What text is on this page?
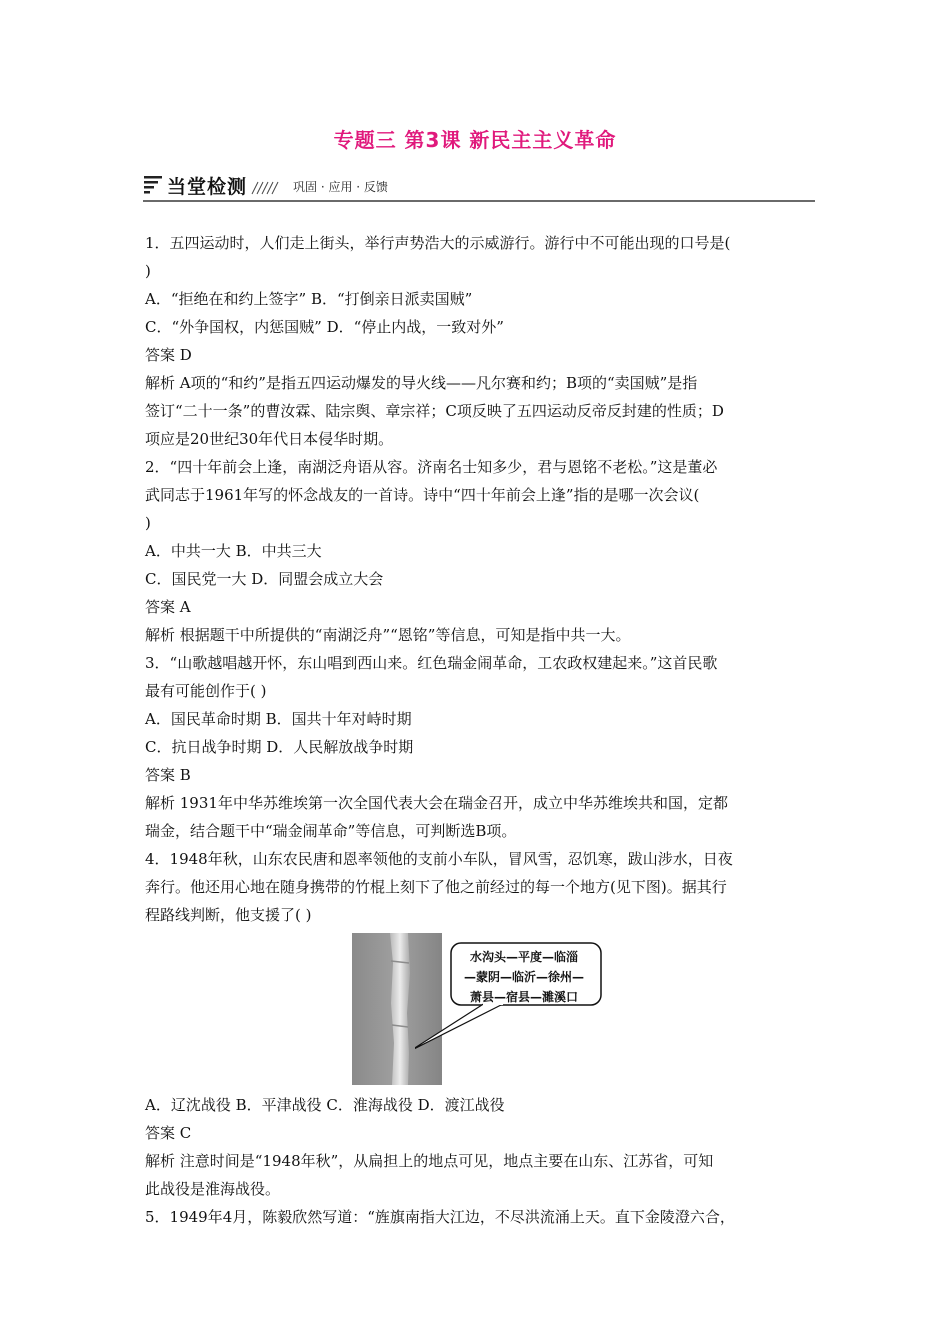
专题三 第3课 新民主主义革命
当堂检测	巩固 · 应用 · 反馈
1．五四运动时，人们走上街头，举行声势浩大的示威游行。游行中不可能出现的口号是(
)
A．“拒绝在和约上签字” B．“打倒亲日派卖国贼”
C．“外争国权，内惩国贼” D．“停止内战，一致对外”
答案 D
解析 A项的“和约”是指五四运动爆发的导火线——凡尔赛和约；B项的“卖国贼”是指
签订“二十一条”的曹汝霖、陆宗舆、章宗祥；C项反映了五四运动反帝反封建的性质；D
项应是20世纪30年代日本侵华时期。
2．“四十年前会上逢，南湖泛舟语从容。济南名士知多少，君与恩铭不老松。”这是董必
武同志于1961年写的怀念战友的一首诗。诗中“四十年前会上逢”指的是哪一次会议(
)
A．中共一大 B．中共三大
C．国民党一大 D．同盟会成立大会
答案 A
解析 根据题干中所提供的“南湖泛舟”“恩铭”等信息，可知是指中共一大。
3．“山歌越唱越开怀，东山唱到西山来。红色瑞金闹革命，工农政权建起来。”这首民歌
最有可能创作于( )
A．国民革命时期 B．国共十年对峙时期
C．抗日战争时期 D．人民解放战争时期
答案 B
解析 1931年中华苏维埃第一次全国代表大会在瑞金召开，成立中华苏维埃共和国，定都
瑞金，结合题干中“瑞金闹革命”等信息，可判断选B项。
4．1948年秋，山东农民唐和恩率领他的支前小车队，冒风雪，忍饥寒，跋山涉水，日夜
奔行。他还用心地在随身携带的竹棍上刻下了他之前经过的每一个地方(见下图)。据其行
程路线判断，他支援了( )
水沟头—平度—临淄
—蒙阴—临沂—徐州—
萧县—宿县—濉溪口
A．辽沈战役 B．平津战役 C．淮海战役 D．渡江战役
答案 C
解析 注意时间是“1948年秋”，从扁担上的地点可见，地点主要在山东、江苏省，可知
此战役是淮海战役。
5．1949年4月，陈毅欣然写道：“旌旗南指大江边，不尽洪流涌上天。直下金陵澄六合，
